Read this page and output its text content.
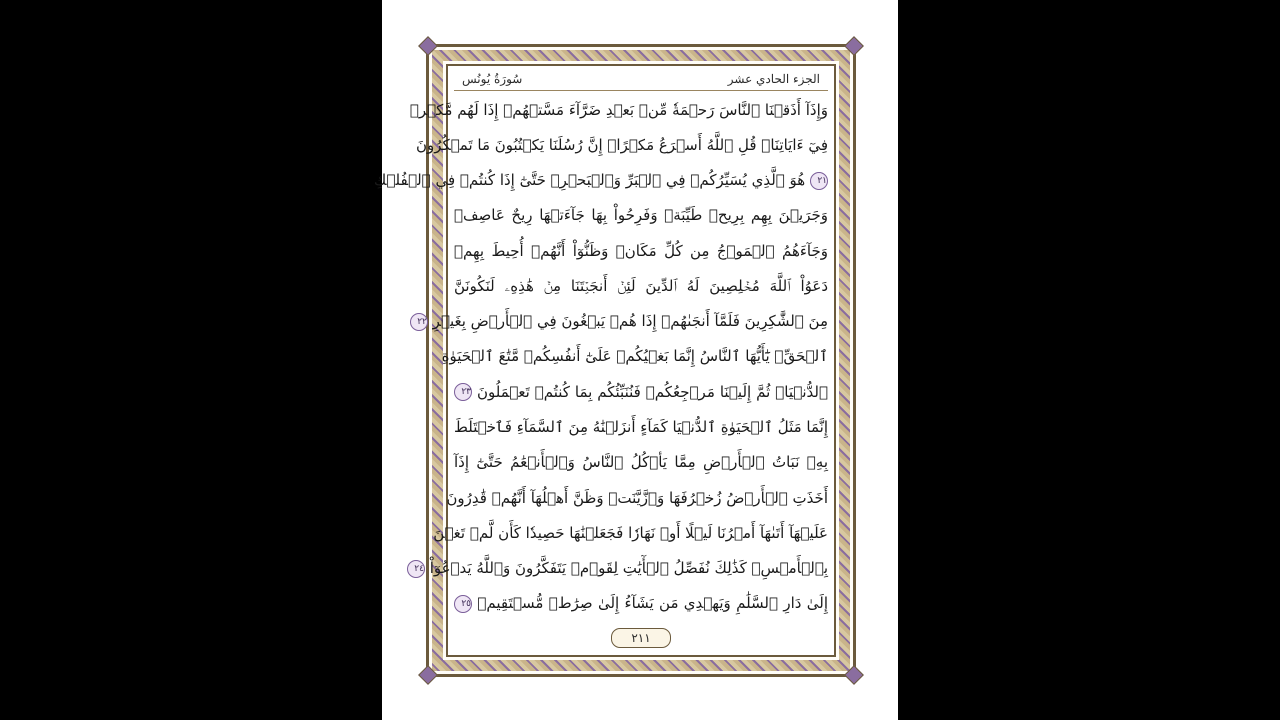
الجزء الحادي عشر
سُورَةُ يُونُس
وَإِذَآ أَذَقۡنَا ٱلنَّاسَ رَحۡمَةٗ مِّنۢ بَعۡدِ ضَرَّآءَ مَسَّتۡهُمۡ إِذَا لَهُم مَّكۡرٞ
فِيٓ ءَايَاتِنَاۚ قُلِ ٱللَّهُ أَسۡرَعُ مَكۡرًاۚ إِنَّ رُسُلَنَا يَكۡتُبُونَ مَا تَمۡكُرُونَ
٢١ هُوَ ٱلَّذِي يُسَيِّرُكُمۡ فِي ٱلۡبَرِّ وَٱلۡبَحۡرِۖ حَتَّىٰٓ إِذَا كُنتُمۡ فِي ٱلۡفُلۡكِ
وَجَرَيۡنَ بِهِم بِرِيحٖ طَيِّبَةٖ وَفَرِحُواْ بِهَا جَآءَتۡهَا رِيحٌ عَاصِفٞ
وَجَآءَهُمُ ٱلۡمَوۡجُ مِن كُلِّ مَكَانٖ وَظَنُّوٓاْ أَنَّهُمۡ أُحِيطَ بِهِمۡ
دَعَوُاْ ٱللَّهَ مُخۡلِصِينَ لَهُ ٱلدِّينَ لَئِنۡ أَنجَيۡتَنَا مِنۡ هَٰذِهِۦ لَنَكُونَنَّ
مِنَ ٱلشَّٰكِرِينَ فَلَمَّآ أَنجَىٰهُمۡ إِذَا هُمۡ يَبۡغُونَ فِي ٱلۡأَرۡضِ بِغَيۡرِ ٢٢
ٱلۡحَقِّۗ يَٰٓأَيُّهَا ٱلنَّاسُ إِنَّمَا بَغۡيُكُمۡ عَلَىٰٓ أَنفُسِكُمۖ مَّتَٰعَ ٱلۡحَيَوٰةِ
ٱلدُّنۡيَاۖ ثُمَّ إِلَيۡنَا مَرۡجِعُكُمۡ فَنُنَبِّئُكُم بِمَا كُنتُمۡ تَعۡمَلُونَ ٢٣
إِنَّمَا مَثَلُ ٱلۡحَيَوٰةِ ٱلدُّنۡيَا كَمَآءٍ أَنزَلۡنَٰهُ مِنَ ٱلسَّمَآءِ فَٱخۡتَلَطَ
بِهِۦ نَبَاتُ ٱلۡأَرۡضِ مِمَّا يَأۡكُلُ ٱلنَّاسُ وَٱلۡأَنۡعَٰمُ حَتَّىٰٓ إِذَآ
أَخَذَتِ ٱلۡأَرۡضُ زُخۡرُفَهَا وَٱزَّيَّنَتۡ وَظَنَّ أَهۡلُهَآ أَنَّهُمۡ قَٰدِرُونَ
عَلَيۡهَآ أَتَىٰهَآ أَمۡرُنَا لَيۡلًا أَوۡ نَهَارٗا فَجَعَلۡنَٰهَا حَصِيدٗا كَأَن لَّمۡ تَغۡنَ
بِٱلۡأَمۡسِۚ كَذَٰلِكَ نُفَصِّلُ ٱلۡأٓيَٰتِ لِقَوۡمٖ يَتَفَكَّرُونَ وَٱللَّهُ يَدۡعُوٓاْ ٢٤
إِلَىٰ دَارِ ٱلسَّلَٰمِ وَيَهۡدِي مَن يَشَآءُ إِلَىٰ صِرَٰطٖ مُّسۡتَقِيمٖ ٢٥
٢١١
